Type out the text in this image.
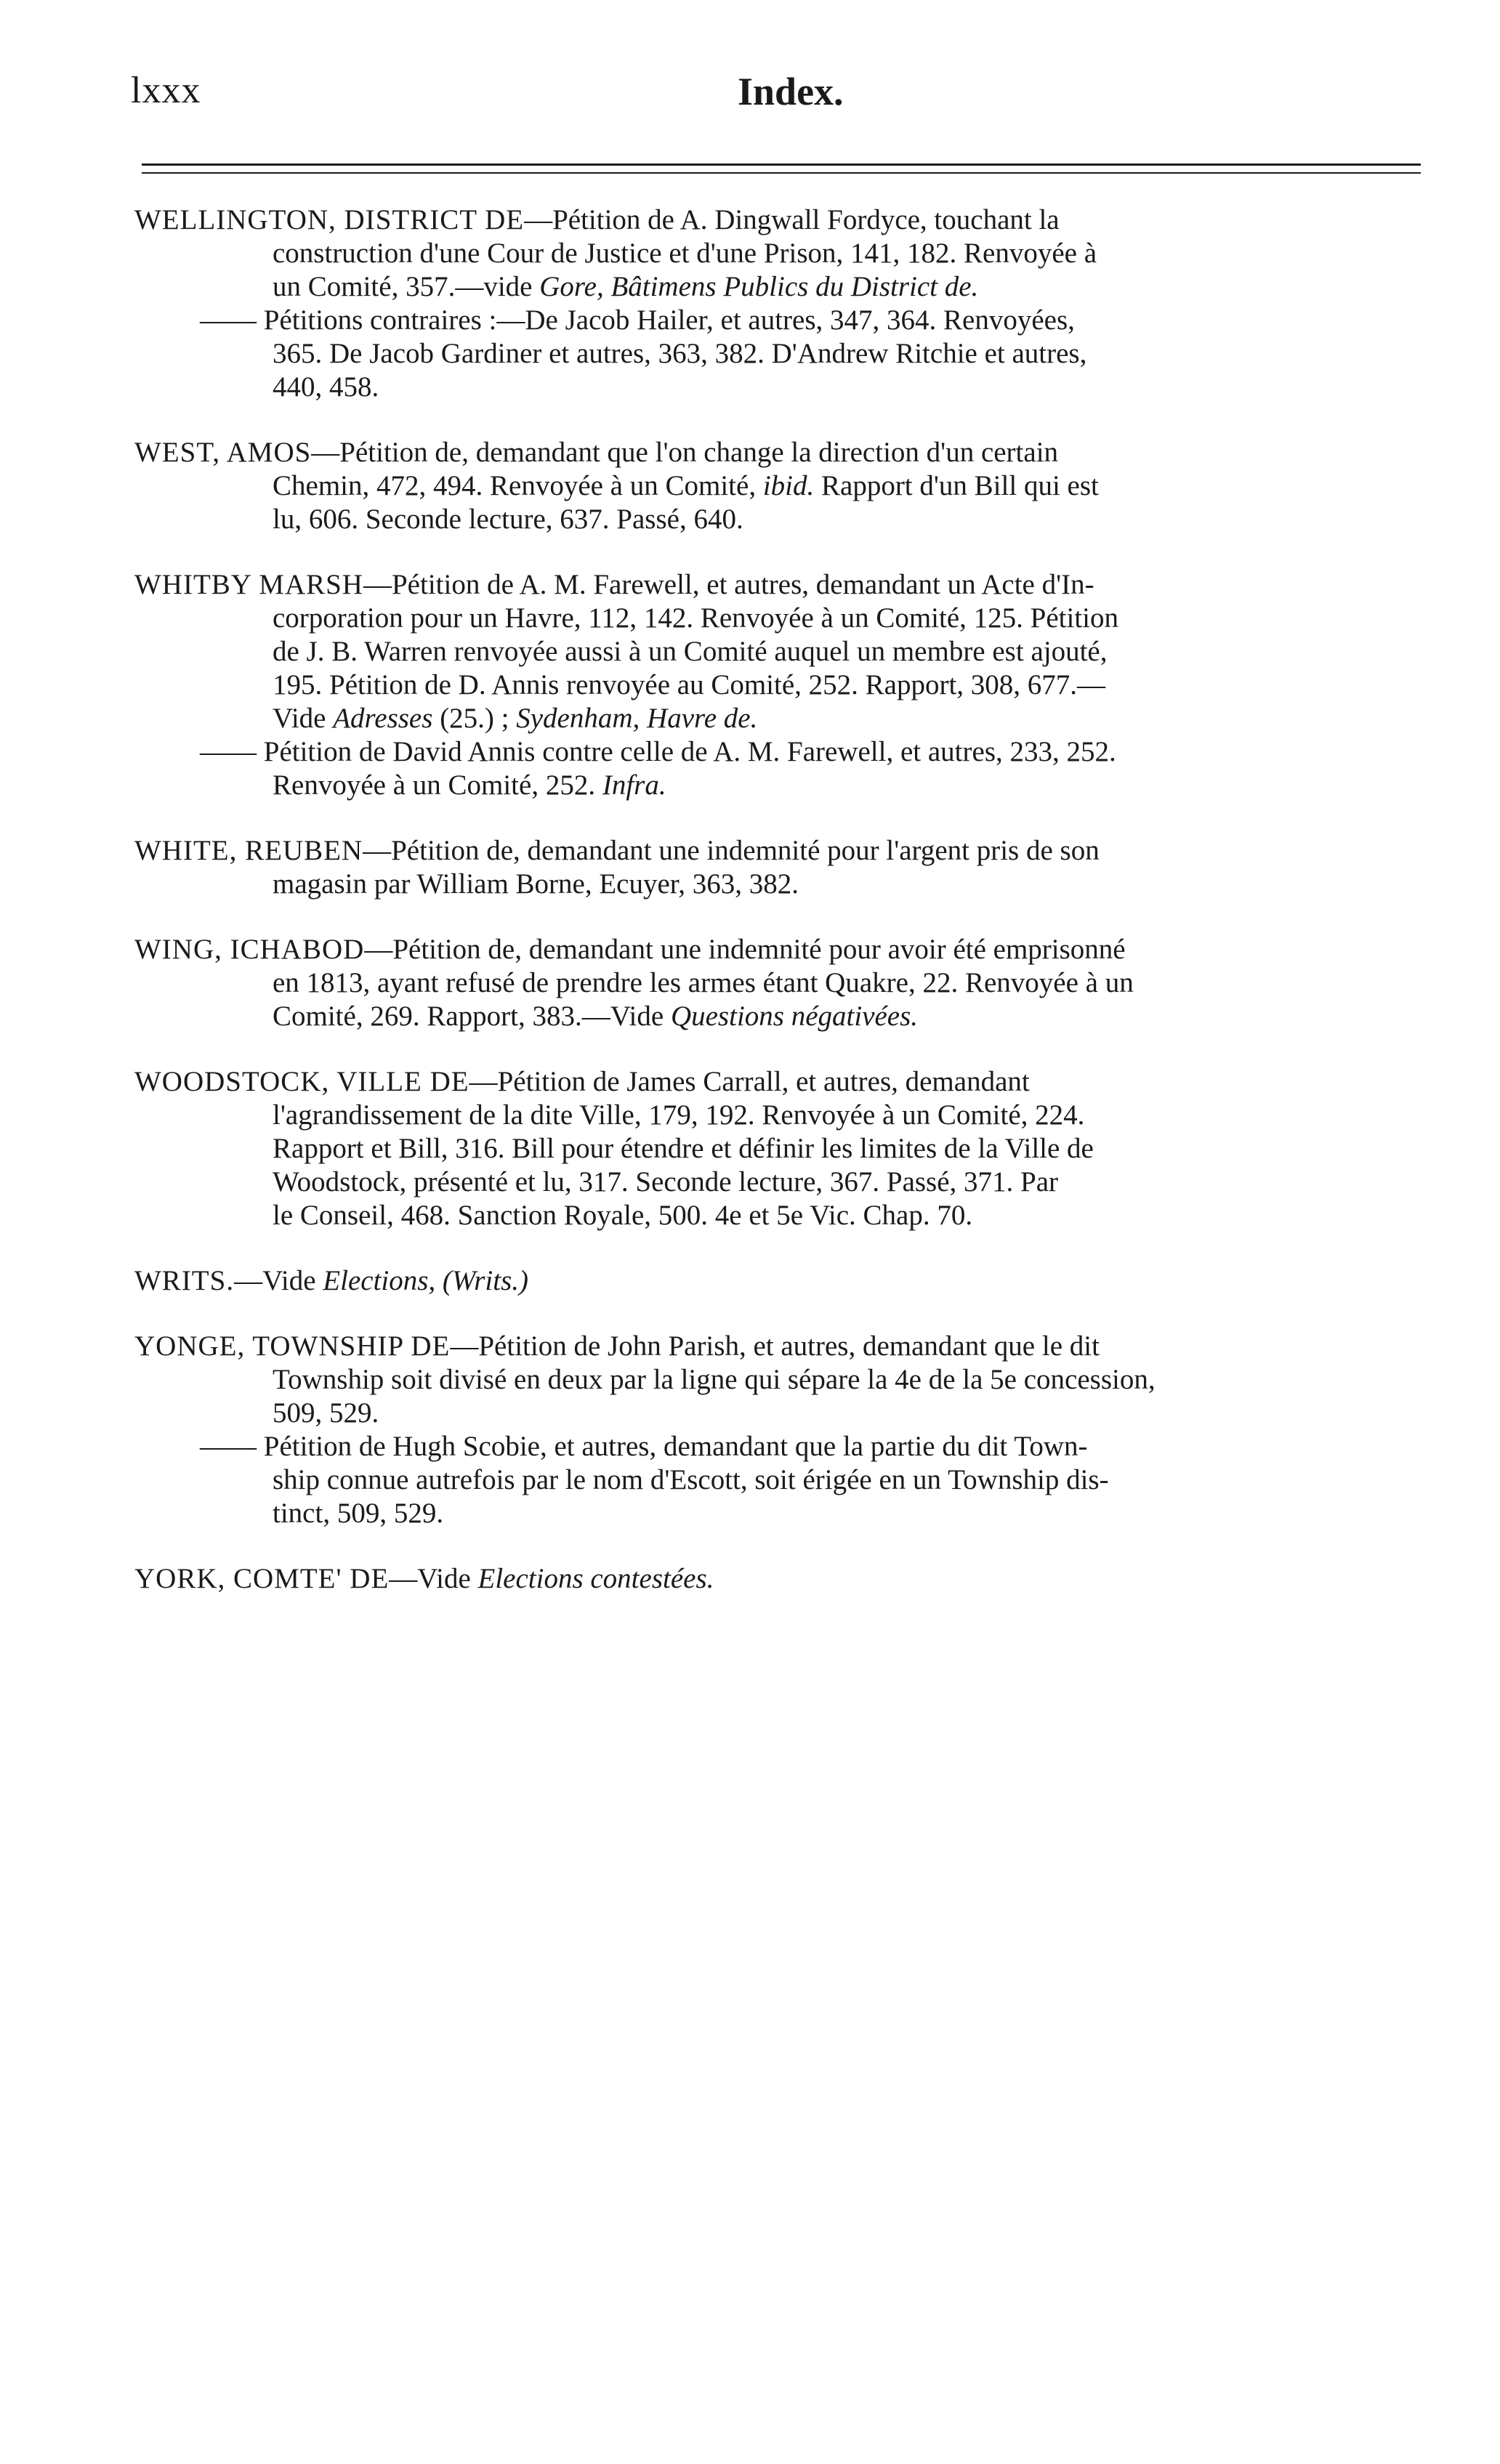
lxxx	Index.
WELLINGTON, DISTRICT DE—Pétition de A. Dingwall Fordyce, touchant la
construction d'une Cour de Justice et d'une Prison, 141, 182. Renvoyée à
un Comité, 357.—vide Gore, Bâtimens Publics du District de.
—— Pétitions contraires :—De Jacob Hailer, et autres, 347, 364. Renvoyées,
365. De Jacob Gardiner et autres, 363, 382. D'Andrew Ritchie et autres,
440, 458.
WEST, AMOS—Pétition de, demandant que l'on change la direction d'un certain
Chemin, 472, 494. Renvoyée à un Comité, ibid. Rapport d'un Bill qui est
lu, 606. Seconde lecture, 637. Passé, 640.
WHITBY MARSH—Pétition de A. M. Farewell, et autres, demandant un Acte d'In-
corporation pour un Havre, 112, 142. Renvoyée à un Comité, 125. Pétition
de J. B. Warren renvoyée aussi à un Comité auquel un membre est ajouté,
195. Pétition de D. Annis renvoyée au Comité, 252. Rapport, 308, 677.—
Vide Adresses (25.) ; Sydenham, Havre de.
—— Pétition de David Annis contre celle de A. M. Farewell, et autres, 233, 252.
Renvoyée à un Comité, 252. Infra.
WHITE, REUBEN—Pétition de, demandant une indemnité pour l'argent pris de son
magasin par William Borne, Ecuyer, 363, 382.
WING, ICHABOD—Pétition de, demandant une indemnité pour avoir été emprisonné
en 1813, ayant refusé de prendre les armes étant Quakre, 22. Renvoyée à un
Comité, 269. Rapport, 383.—Vide Questions négativées.
WOODSTOCK, VILLE DE—Pétition de James Carrall, et autres, demandant
l'agrandissement de la dite Ville, 179, 192. Renvoyée à un Comité, 224.
Rapport et Bill, 316. Bill pour étendre et définir les limites de la Ville de
Woodstock, présenté et lu, 317. Seconde lecture, 367. Passé, 371. Par
le Conseil, 468. Sanction Royale, 500. 4e et 5e Vic. Chap. 70.
WRITS.—Vide Elections, (Writs.)
YONGE, TOWNSHIP DE—Pétition de John Parish, et autres, demandant que le dit
Township soit divisé en deux par la ligne qui sépare la 4e de la 5e concession,
509, 529.
—— Pétition de Hugh Scobie, et autres, demandant que la partie du dit Town-
ship connue autrefois par le nom d'Escott, soit érigée en un Township dis-
tinct, 509, 529.
YORK, COMTE' DE—Vide Elections contestées.
